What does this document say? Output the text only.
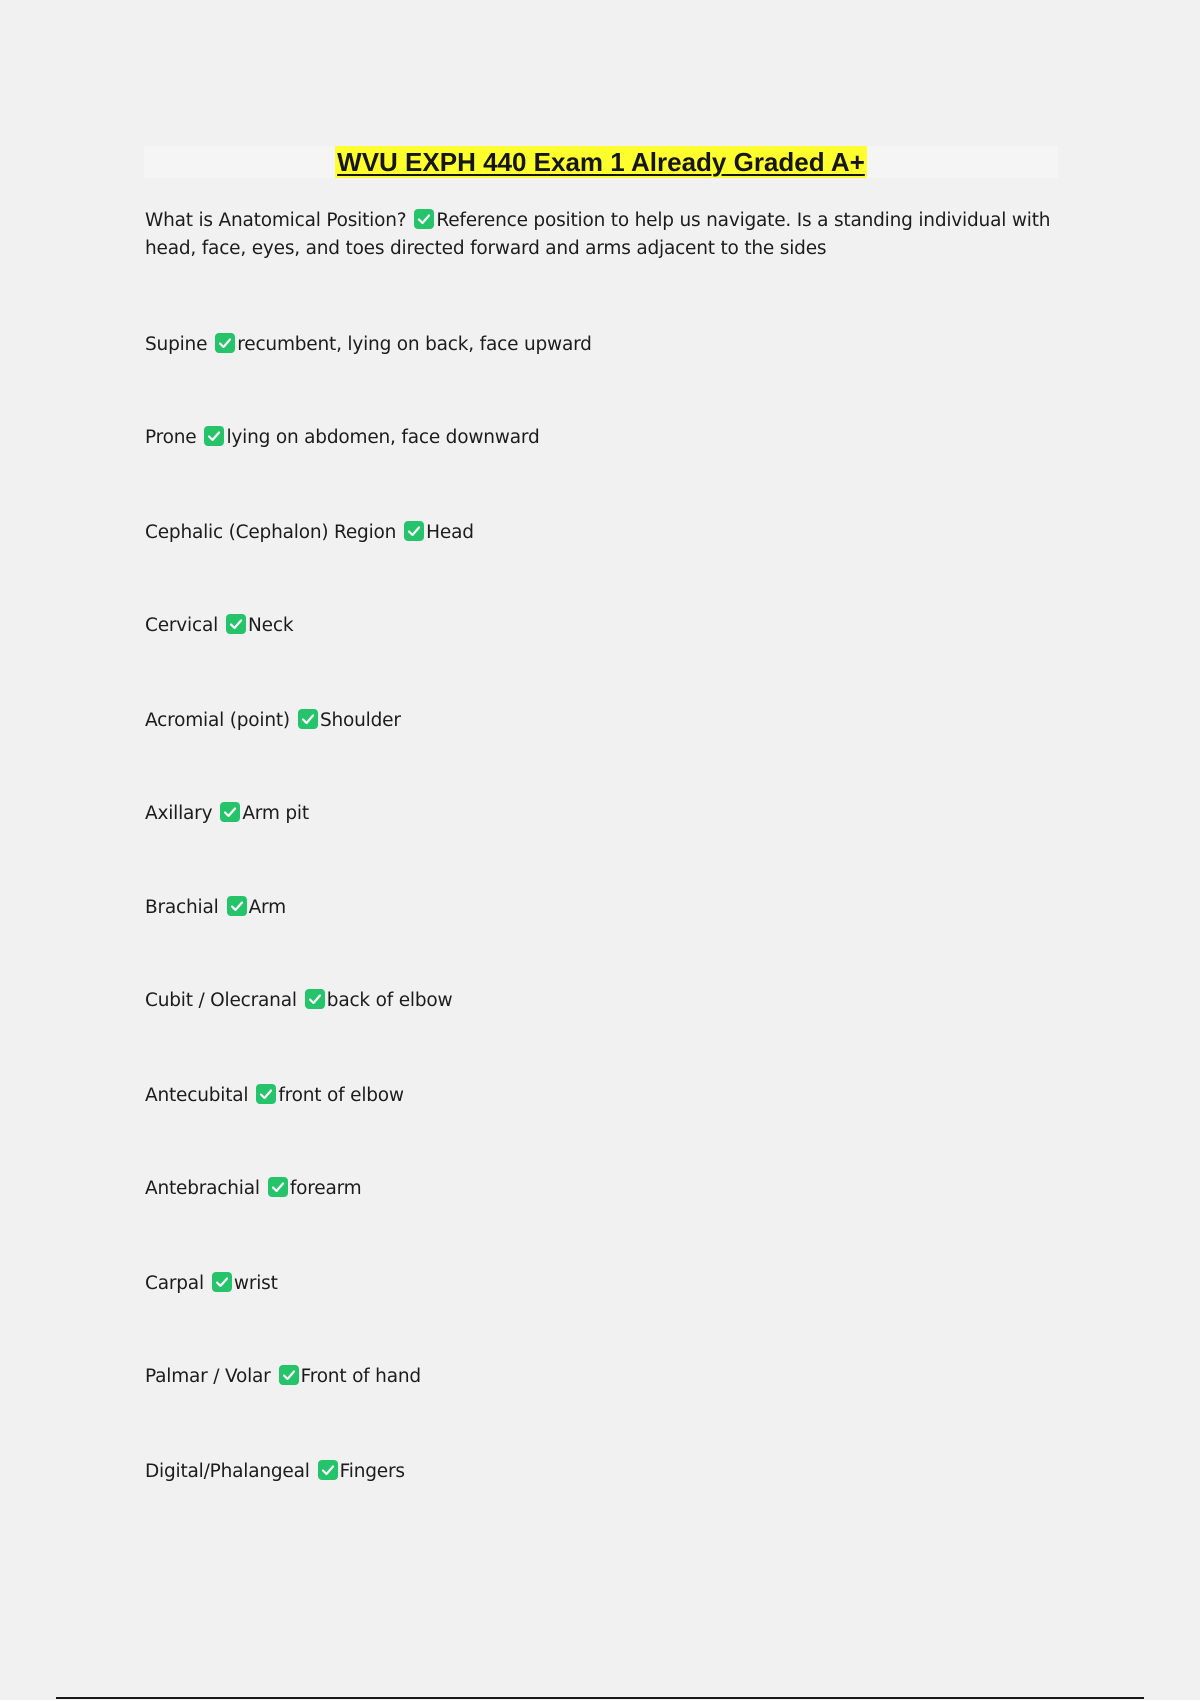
WVU EXPH 440 Exam 1 Already Graded A+
What is Anatomical Position? Reference position to help us navigate. Is a standing individual with head, face, eyes, and toes directed forward and arms adjacent to the sides
Supine recumbent, lying on back, face upward
Prone lying on abdomen, face downward
Cephalic (Cephalon) Region Head
Cervical Neck
Acromial (point) Shoulder
Axillary Arm pit
Brachial Arm
Cubit / Olecranal back of elbow
Antecubital front of elbow
Antebrachial forearm
Carpal wrist
Palmar / Volar Front of hand
Digital/Phalangeal Fingers
